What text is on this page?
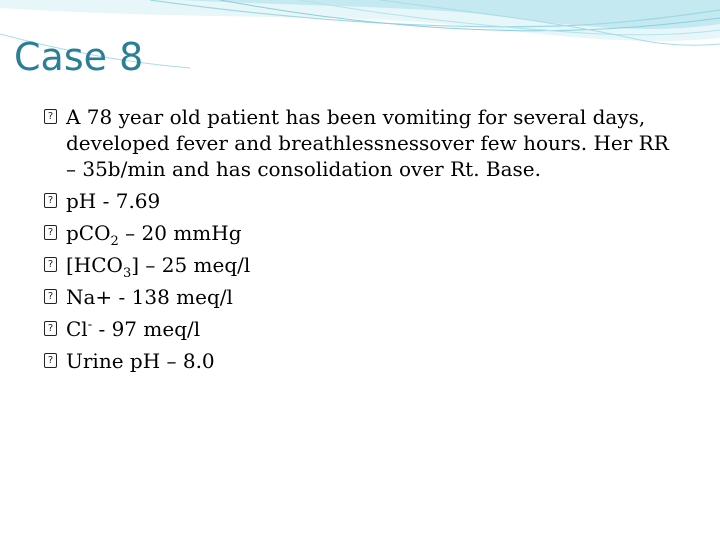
Case 8
? A 78 year old patient has been vomiting for several days, developed fever and breathlessnessover few hours. Her RR – 35b/min and has consolidation over Rt. Base.
? pH - 7.69
? pCO$_2$ – 20 mmHg
? $[HCO_3] - 25$ meq/l
? Na+ - 138 meq/l
? Cl- - 97 meq/l
? Urine pH – 8.0
